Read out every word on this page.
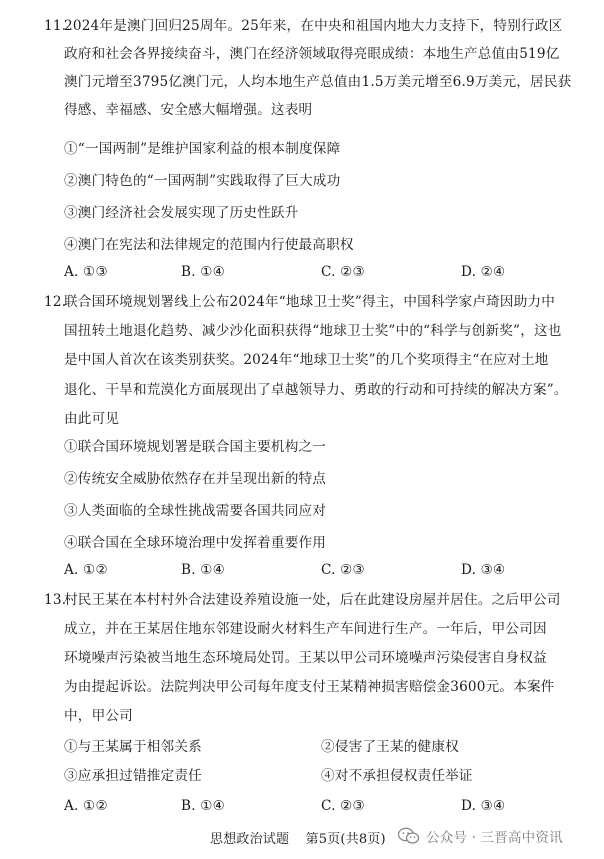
11.
2024年是澳门回归25周年。25年来，在中央和祖国内地大力支持下，特别行政区
政府和社会各界接续奋斗，澳门在经济领域取得亮眼成绩：本地生产总值由519亿
澳门元增至3795亿澳门元，人均本地生产总值由1.5万美元增至6.9万美元，居民获
得感、幸福感、安全感大幅增强。这表明
①“一国两制”是维护国家利益的根本制度保障
②澳门特色的“一国两制”实践取得了巨大成功
③澳门经济社会发展实现了历史性跃升
④澳门在宪法和法律规定的范围内行使最高职权
A. ①③	B. ①④	C. ②③	D. ②④
12.
联合国环境规划署线上公布2024年“地球卫士奖”得主，中国科学家卢琦因助力中
国扭转土地退化趋势、减少沙化面积获得“地球卫士奖”中的“科学与创新奖”，这也
是中国人首次在该类别获奖。2024年“地球卫士奖”的几个奖项得主“在应对土地
退化、干旱和荒漠化方面展现出了卓越领导力、勇敢的行动和可持续的解决方案”。
由此可见
①联合国环境规划署是联合国主要机构之一
②传统安全威胁依然存在并呈现出新的特点
③人类面临的全球性挑战需要各国共同应对
④联合国在全球环境治理中发挥着重要作用
A. ①②	B. ①④	C. ②③	D. ③④
13.
村民王某在本村村外合法建设养殖设施一处，后在此建设房屋并居住。之后甲公司
成立，并在王某居住地东邻建设耐火材料生产车间进行生产。一年后，甲公司因
环境噪声污染被当地生态环境局处罚。王某以甲公司环境噪声污染侵害自身权益
为由提起诉讼。法院判决甲公司每年度支付王某精神损害赔偿金3600元。本案件
中，甲公司
①与王某属于相邻关系	②侵害了王某的健康权
③应承担过错推定责任	④对不承担侵权责任举证
A. ①②	B. ①④	C. ②③	D. ③④
思想政治试题 第5页(共8页)	公众号 · 三晋高中资讯
